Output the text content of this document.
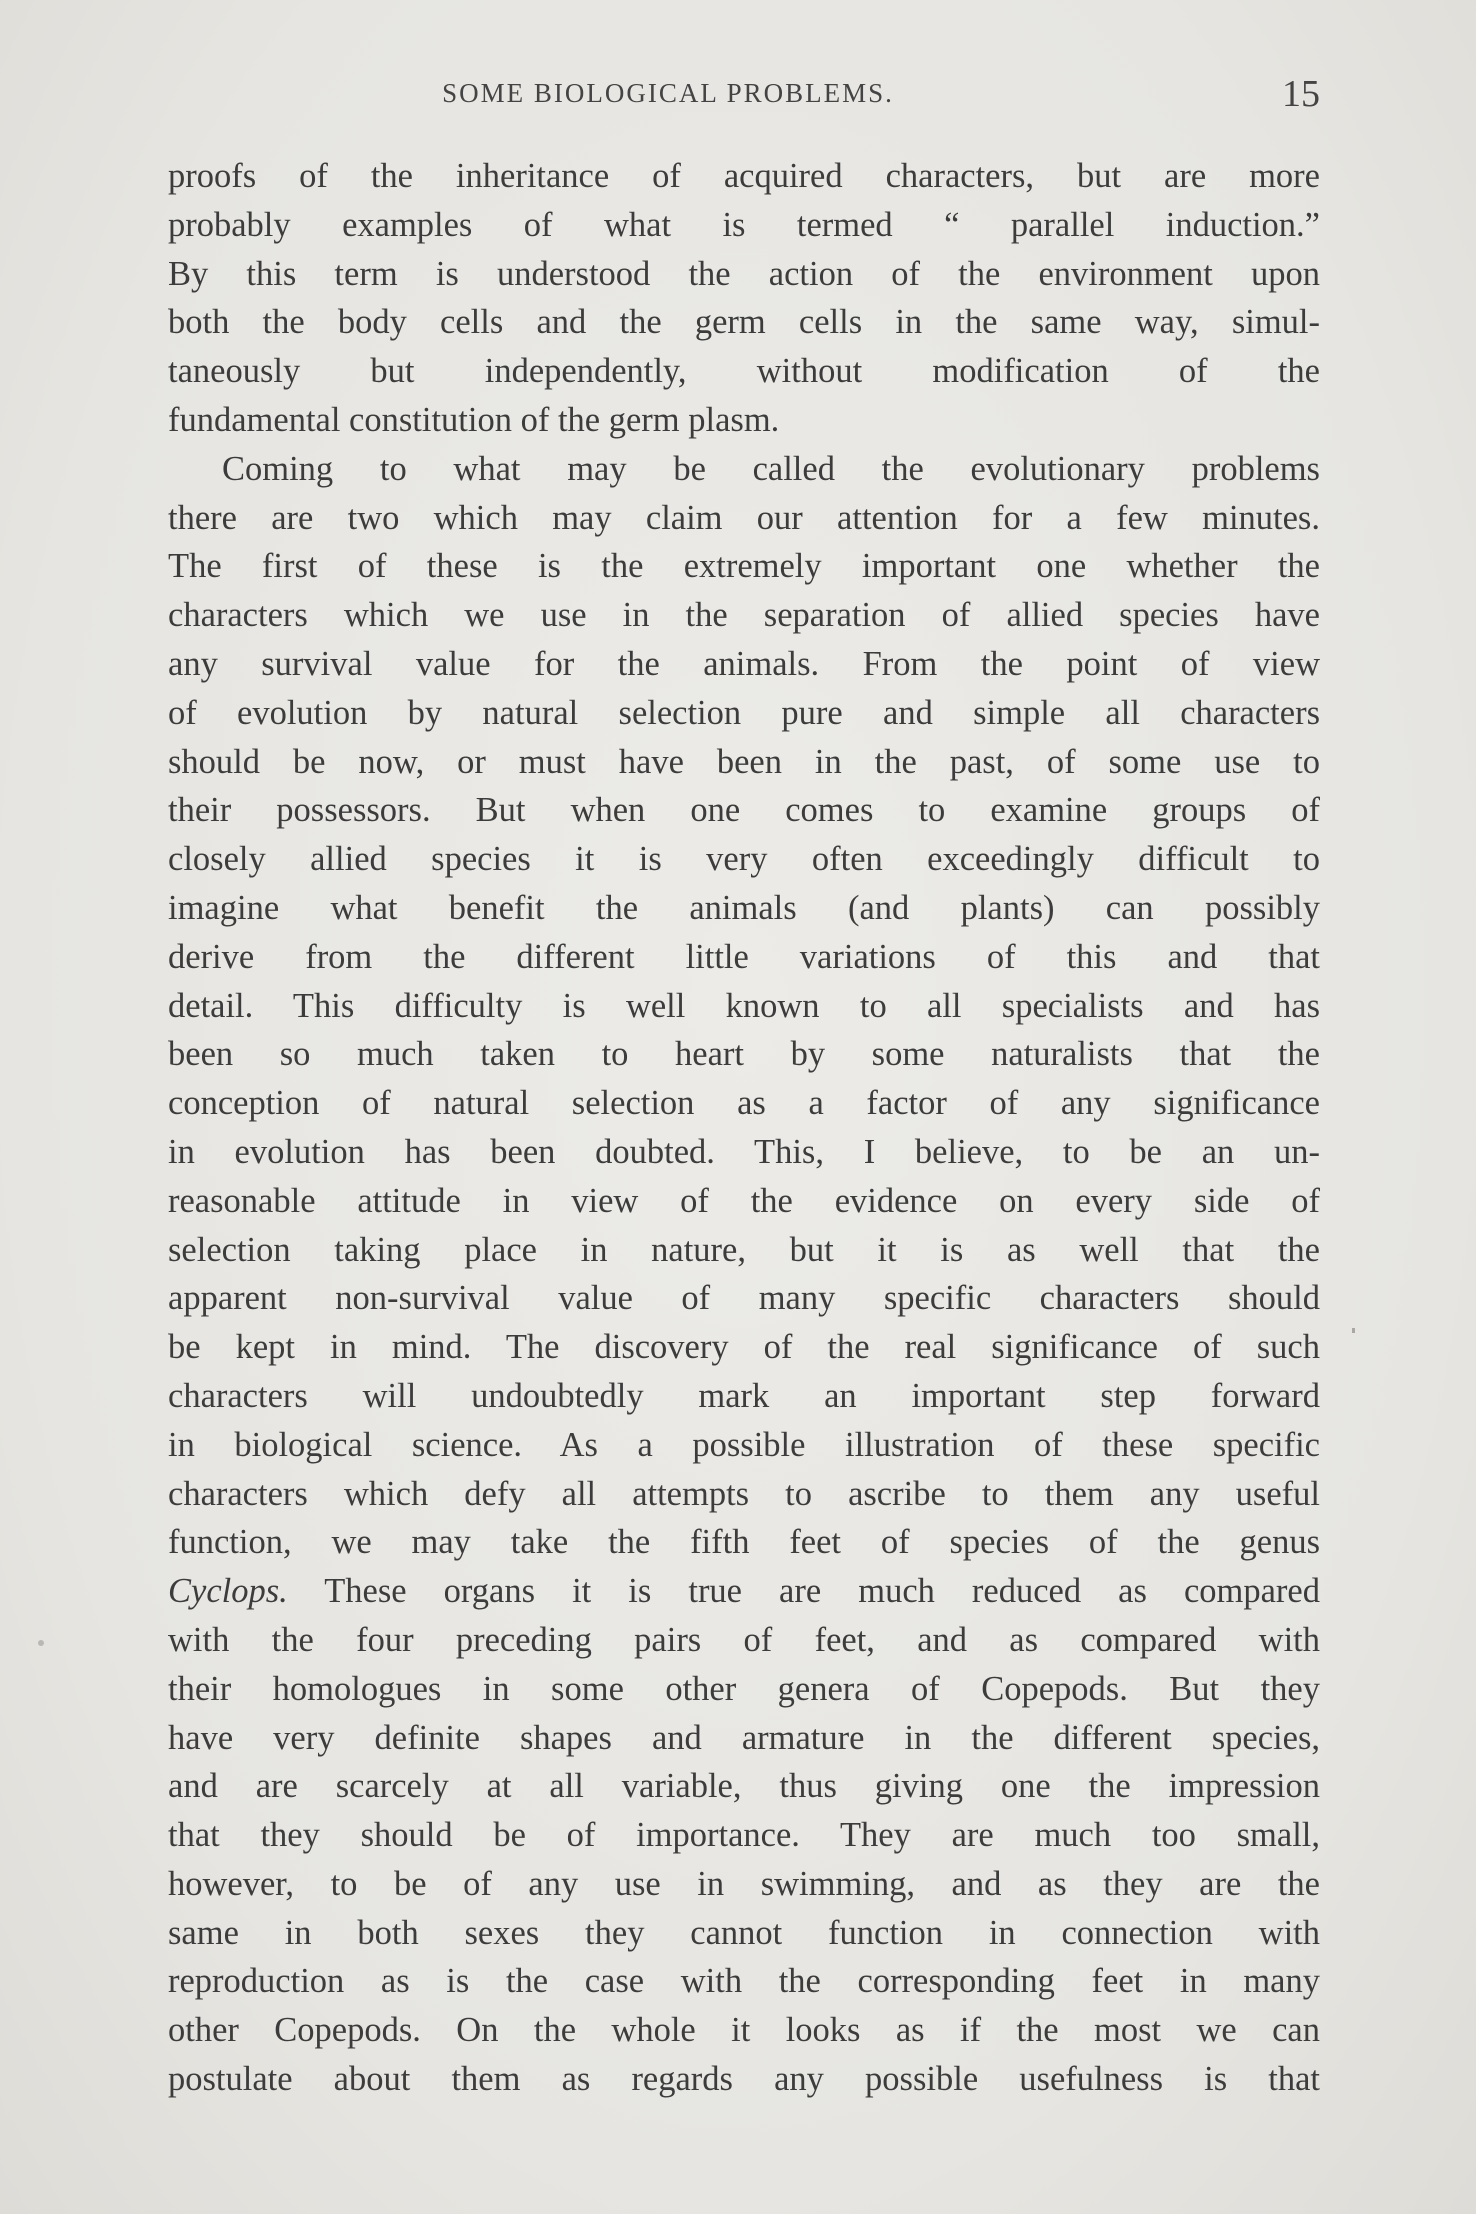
SOME BIOLOGICAL PROBLEMS.	15
proofs of the inheritance of acquired characters, but are more
probably examples of what is termed “ parallel induction.”
By this term is understood the action of the environment upon
both the body cells and the germ cells in the same way, simul-
taneously but independently, without modification of the
fundamental constitution of the germ plasm.
Coming to what may be called the evolutionary problems
there are two which may claim our attention for a few minutes.
The first of these is the extremely important one whether the
characters which we use in the separation of allied species have
any survival value for the animals. From the point of view
of evolution by natural selection pure and simple all characters
should be now, or must have been in the past, of some use to
their possessors. But when one comes to examine groups of
closely allied species it is very often exceedingly difficult to
imagine what benefit the animals (and plants) can possibly
derive from the different little variations of this and that
detail. This difficulty is well known to all specialists and has
been so much taken to heart by some naturalists that the
conception of natural selection as a factor of any significance
in evolution has been doubted. This, I believe, to be an un-
reasonable attitude in view of the evidence on every side of
selection taking place in nature, but it is as well that the
apparent non-survival value of many specific characters should
be kept in mind. The discovery of the real significance of such
characters will undoubtedly mark an important step forward
in biological science. As a possible illustration of these specific
characters which defy all attempts to ascribe to them any useful
function, we may take the fifth feet of species of the genus
Cyclops. These organs it is true are much reduced as compared
with the four preceding pairs of feet, and as compared with
their homologues in some other genera of Copepods. But they
have very definite shapes and armature in the different species,
and are scarcely at all variable, thus giving one the impression
that they should be of importance. They are much too small,
however, to be of any use in swimming, and as they are the
same in both sexes they cannot function in connection with
reproduction as is the case with the corresponding feet in many
other Copepods. On the whole it looks as if the most we can
postulate about them as regards any possible usefulness is that
